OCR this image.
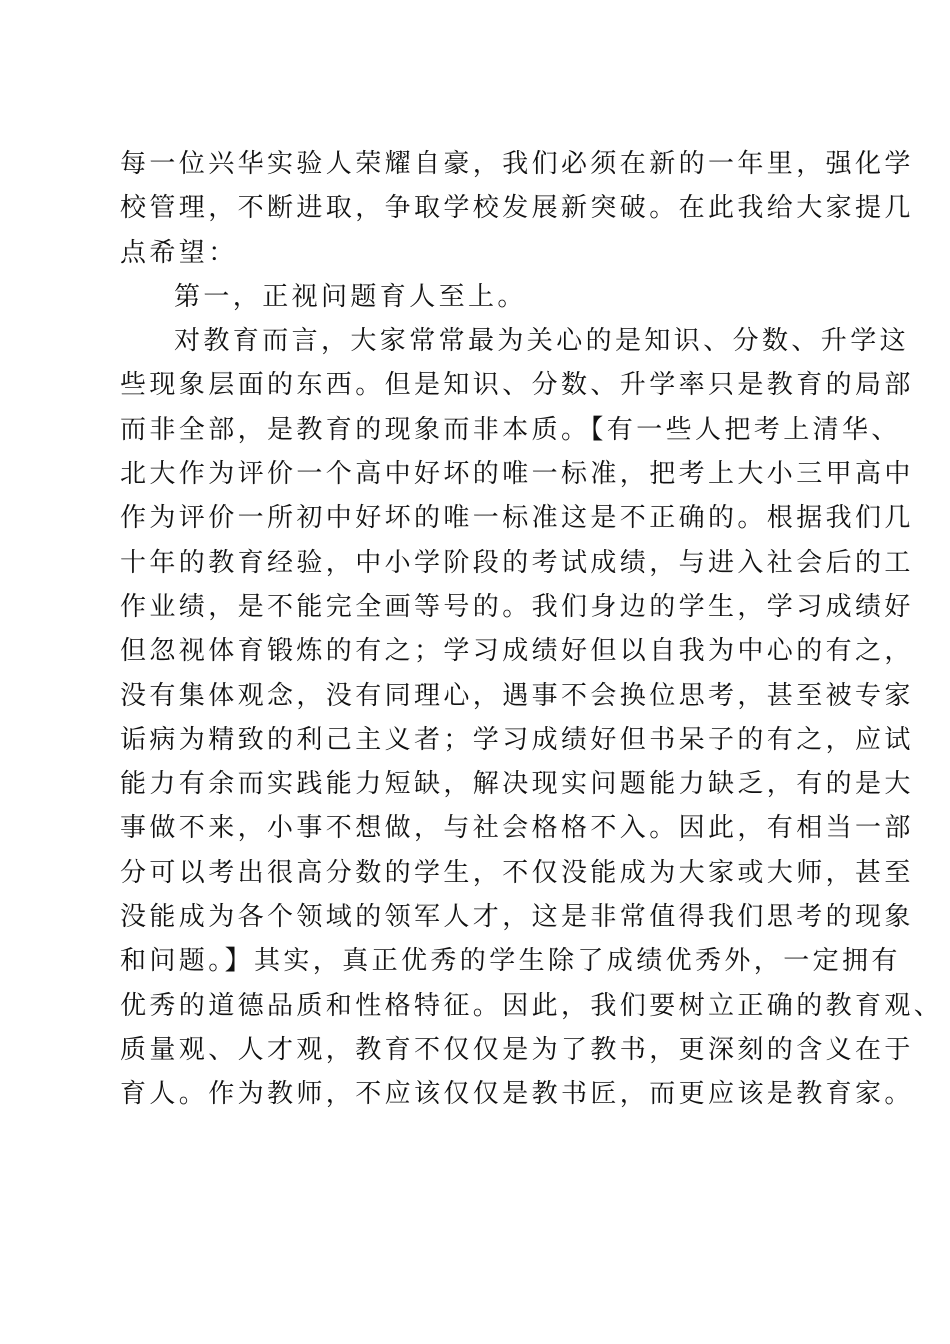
每一位兴华实验人荣耀自豪，我们必须在新的一年里，强化学
校管理，不断进取，争取学校发展新突破。在此我给大家提几
点希望：
第一，正视问题育人至上。
对教育而言，大家常常最为关心的是知识、分数、升学这
些现象层面的东西。但是知识、分数、升学率只是教育的局部
而非全部，是教育的现象而非本质。【有一些人把考上清华、
北大作为评价一个高中好坏的唯一标准，把考上大小三甲高中
作为评价一所初中好坏的唯一标准这是不正确的。根据我们几
十年的教育经验，中小学阶段的考试成绩，与进入社会后的工
作业绩，是不能完全画等号的。我们身边的学生，学习成绩好
但忽视体育锻炼的有之；学习成绩好但以自我为中心的有之，
没有集体观念，没有同理心，遇事不会换位思考，甚至被专家
诟病为精致的利己主义者；学习成绩好但书呆子的有之，应试
能力有余而实践能力短缺，解决现实问题能力缺乏，有的是大
事做不来，小事不想做，与社会格格不入。因此，有相当一部
分可以考出很高分数的学生，不仅没能成为大家或大师，甚至
没能成为各个领域的领军人才，这是非常值得我们思考的现象
和问题。】其实，真正优秀的学生除了成绩优秀外，一定拥有
优秀的道德品质和性格特征。因此，我们要树立正确的教育观、
质量观、人才观，教育不仅仅是为了教书，更深刻的含义在于
育人。作为教师，不应该仅仅是教书匠，而更应该是教育家。
